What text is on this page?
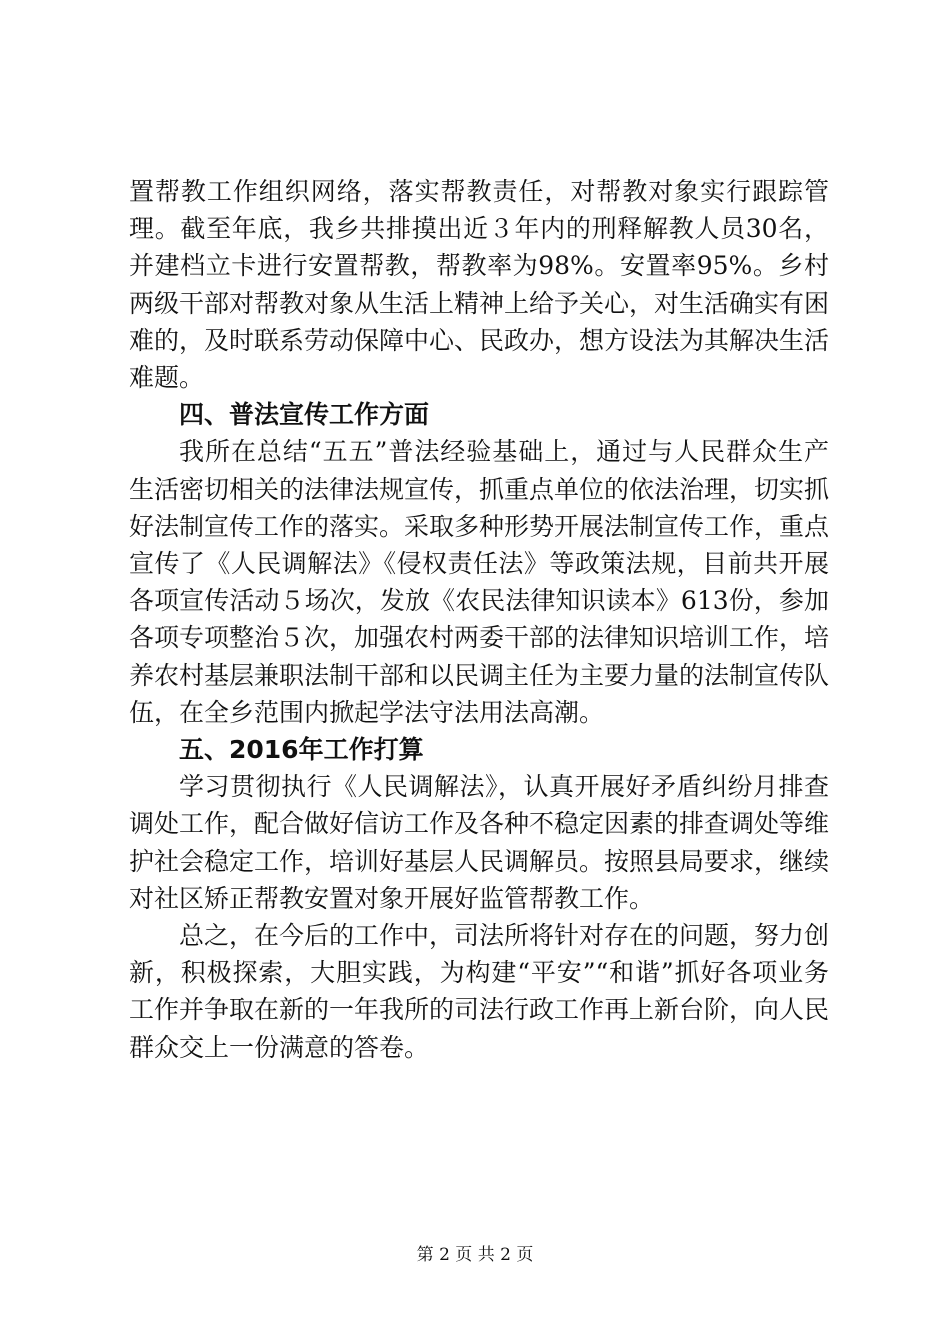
置帮教工作组织网络，落实帮教责任，对帮教对象实行跟踪管理。截至年底，我乡共排摸出近３年内的刑释解教人员30名，并建档立卡进行安置帮教，帮教率为98%。安置率95%。乡村两级干部对帮教对象从生活上精神上给予关心，对生活确实有困难的，及时联系劳动保障中心、民政办，想方设法为其解决生活难题。

四、普法宣传工作方面

我所在总结“五五”普法经验基础上，通过与人民群众生产生活密切相关的法律法规宣传，抓重点单位的依法治理，切实抓好法制宣传工作的落实。采取多种形势开展法制宣传工作，重点宣传了《人民调解法》《侵权责任法》等政策法规，目前共开展各项宣传活动５场次，发放《农民法律知识读本》613份，参加各项专项整治５次，加强农村两委干部的法律知识培训工作，培养农村基层兼职法制干部和以民调主任为主要力量的法制宣传队伍，在全乡范围内掀起学法守法用法高潮。

五、2016年工作打算

学习贯彻执行《人民调解法》，认真开展好矛盾纠纷月排查调处工作，配合做好信访工作及各种不稳定因素的排查调处等维护社会稳定工作，培训好基层人民调解员。按照县局要求，继续对社区矫正帮教安置对象开展好监管帮教工作。

总之，在今后的工作中，司法所将针对存在的问题，努力创新，积极探索，大胆实践，为构建“平安”“和谐”抓好各项业务工作并争取在新的一年我所的司法行政工作再上新台阶，向人民群众交上一份满意的答卷。

第 2 页 共 2 页
